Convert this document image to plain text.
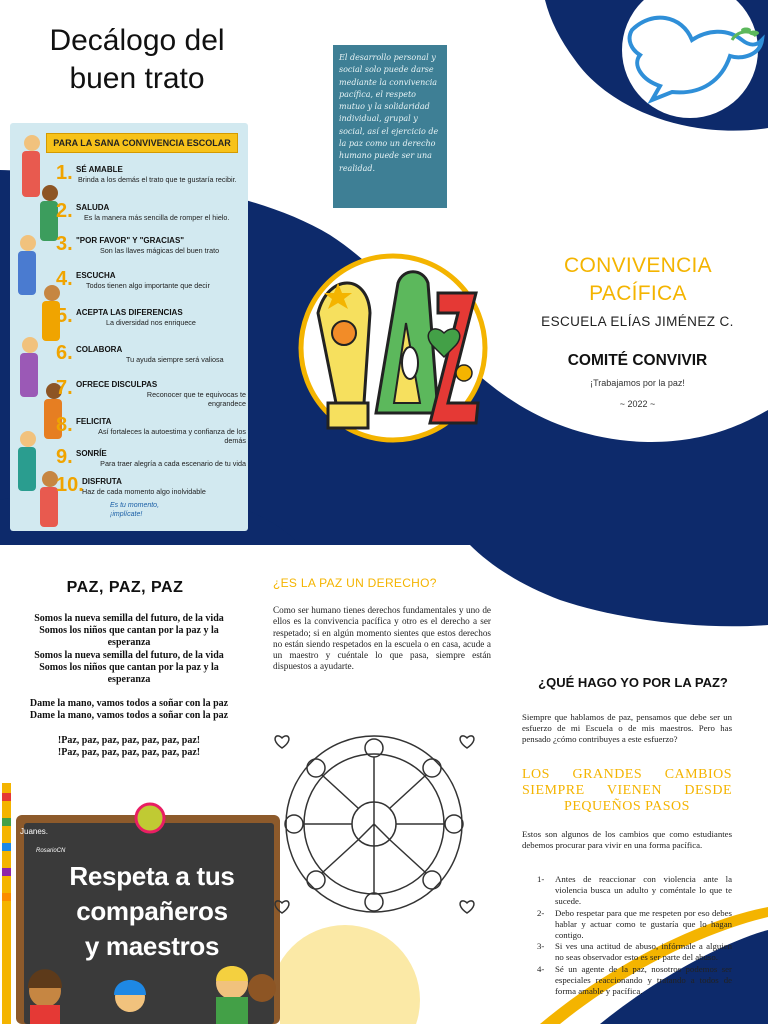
Decálogo del
buen trato
PARA LA SANA CONVIVENCIA ESCOLAR
1. SÉ AMABLE
Brinda a los demás el trato que te gustaría recibir.
2. SALUDA
Es la manera más sencilla de romper el hielo.
3. "POR FAVOR" Y "GRACIAS"
Son las llaves mágicas del buen trato
4. ESCUCHA
Todos tienen algo importante que decir
5. ACEPTA LAS DIFERENCIAS
La diversidad nos enriquece
6. COLABORA
Tu ayuda siempre será valiosa
7. OFRECE DISCULPAS
Reconocer que te equivocas te engrandece
8. FELICITA
Así fortaleces la autoestima y confianza de los demás
9. SONRÍE
Para traer alegría a cada escenario de tu vida
10.
DISFRUTA
Haz de cada momento algo inolvidable
Es tu momento,
¡implícate!

El desarrollo personal y social solo puede darse mediante la convivencia pacífica, el respeto mutuo y la solidaridad individual, grupal y social, así el ejercicio de la paz como un derecho humano puede ser una realidad.

CONVIVENCIA
PACÍFICA
ESCUELA ELÍAS JIMÉNEZ C.
COMITÉ CONVIVIR
¡Trabajamos por la paz!
~ 2022 ~
PAZ, PAZ, PAZ
Somos la nueva semilla del futuro, de la vida
Somos los niños que cantan por la paz y la esperanza
Somos la nueva semilla del futuro, de la vida
Somos los niños que cantan por la paz y la esperanza
Dame la mano, vamos todos a soñar con la paz
Dame la mano, vamos todos a soñar con la paz
!Paz, paz, paz, paz, paz, paz, paz!
!Paz, paz, paz, paz, paz, paz, paz!
Juanes.
RosarioCN
Respeta a tus
compañeros
y maestros
¿ES LA PAZ UN DERECHO?
Como ser humano tienes derechos fundamentales y uno de ellos es la convivencia pacífica y otro es el derecho a ser respetado; si en algún momento sientes que estos derechos no están siendo respetados en la escuela o en casa, acude a un maestro y cuéntale lo que pasa, siempre están dispuestos a ayudarte.
¿QUÉ HAGO YO POR LA PAZ?
Siempre que hablamos de paz, pensamos que debe ser un esfuerzo de mi Escuela o de mis maestros. Pero has pensado ¿cómo contribuyes a este esfuerzo?
LOS GRANDES CAMBIOS SIEMPRE VIENEN DESDE PEQUEÑOS PASOS
Estos son algunos de los cambios que como estudiantes debemos procurar para vivir en una forma pacífica.
1- Antes de reaccionar con violencia ante la violencia busca un adulto y coméntale lo que te sucede.
2- Debo respetar para que me respeten por eso debes hablar y actuar como te gustaría que lo hagan contigo.
3- Si ves una actitud de abuso, infórmale a alguien no seas observador esto es ser parte del abuso.
4- Sé un agente de la paz, nosotros podemos ser especiales reaccionando y tratando a todos de forma amable y pacífica.
